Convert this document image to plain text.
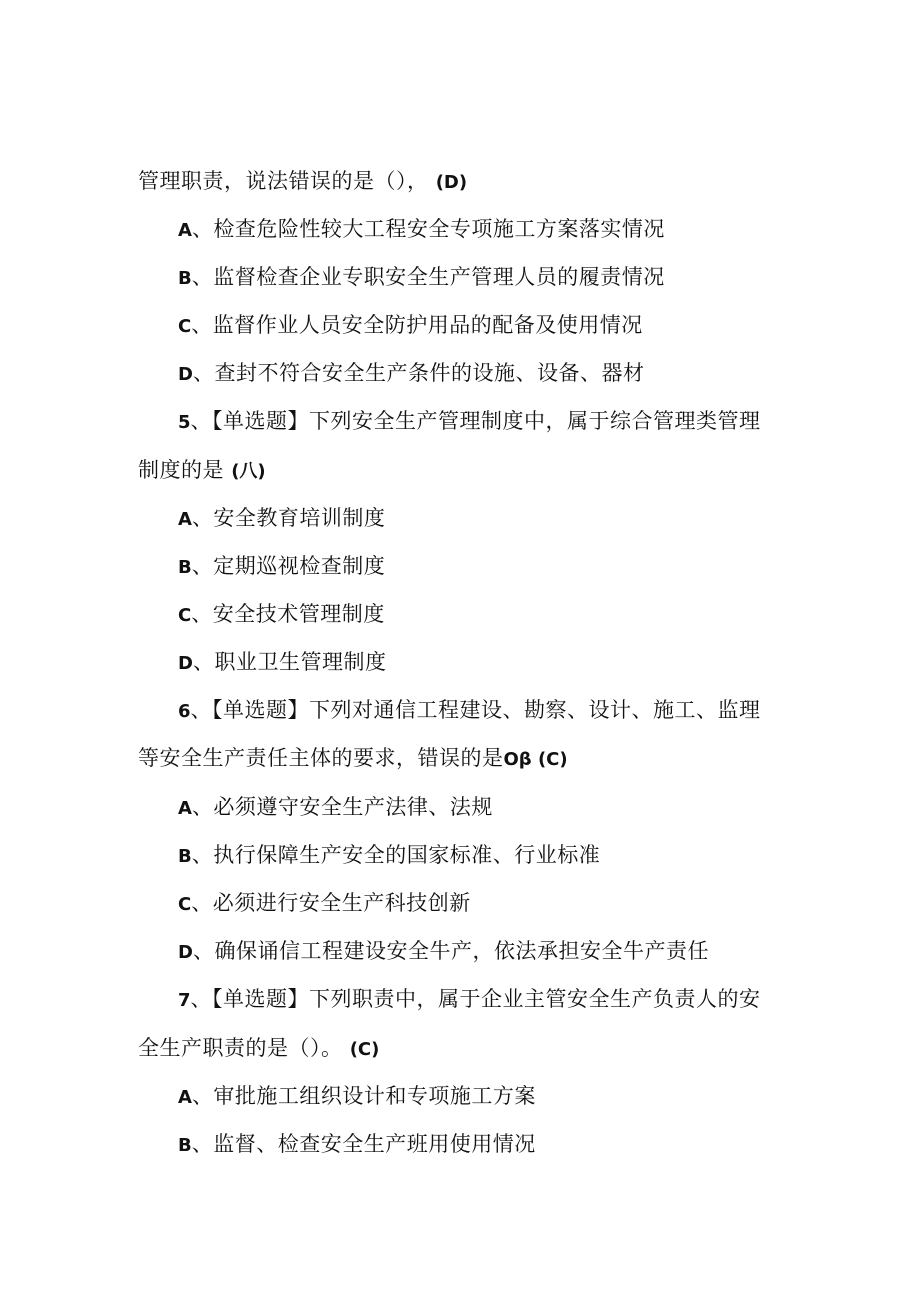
管理职责，说法错误的是（）， (D)
A、检查危险性较大工程安全专项施工方案落实情况
B、监督检查企业专职安全生产管理人员的履责情况
C、监督作业人员安全防护用品的配备及使用情况
D、查封不符合安全生产条件的设施、设备、器材
5、【单选题】下列安全生产管理制度中，属于综合管理类管理
制度的是 (八)
A、安全教育培训制度
B、定期巡视检查制度
C、安全技术管理制度
D、职业卫生管理制度
6、【单选题】下列对通信工程建设、勘察、设计、施工、监理
等安全生产责任主体的要求，错误的是Oβ (C)
A、必须遵守安全生产法律、法规
B、执行保障生产安全的国家标准、行业标准
C、必须进行安全生产科技创新
D、确保诵信工程建设安全牛产，依法承担安全牛产责任
7、【单选题】下列职责中，属于企业主管安全生产负责人的安
全生产职责的是（）。 (C)
A、审批施工组织设计和专项施工方案
B、监督、检查安全生产班用使用情况
